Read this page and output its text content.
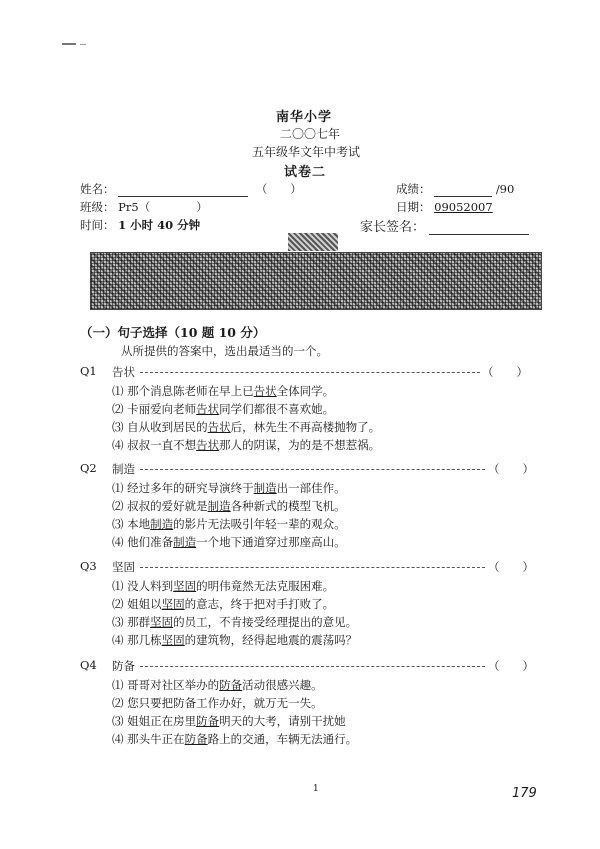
南华小学
二〇〇七年
五年级华文年中考试
试卷二
姓名：	（　　）	成绩：	/90
班级： Pr5（　　　　）	日期： 09052007
时间： 1 小时 40 分钟	家长签名：
（一）句子选择（10 题 10 分）
从所提供的答案中，选出最适当的一个。
Q1 告状	（　　）
⑴ 那个消息陈老师在早上已告状全体同学。
⑵ 卡丽爱向老师告状同学们都很不喜欢她。
⑶ 自从收到居民的告状后，林先生不再高楼抛物了。
⑷ 叔叔一直不想告状那人的阴谋，为的是不想惹祸。
Q2 制造	（　　）
⑴ 经过多年的研究导演终于制造出一部佳作。
⑵ 叔叔的爱好就是制造各种新式的模型飞机。
⑶ 本地制造的影片无法吸引年轻一辈的观众。
⑷ 他们准备制造一个地下通道穿过那座高山。
Q3 坚固	（　　）
⑴ 没人料到坚固的明伟竟然无法克服困难。
⑵ 姐姐以坚固的意志，终于把对手打败了。
⑶ 那群坚固的员工，不肯接受经理提出的意见。
⑷ 那几栋坚固的建筑物，经得起地震的震荡吗？
Q4 防备	（　　）
⑴ 哥哥对社区举办的防备活动很感兴趣。
⑵ 您只要把防备工作办好，就万无一失。
⑶ 姐姐正在房里防备明天的大考，请别干扰她
⑷ 那头牛正在防备路上的交通，车辆无法通行。
1	179
